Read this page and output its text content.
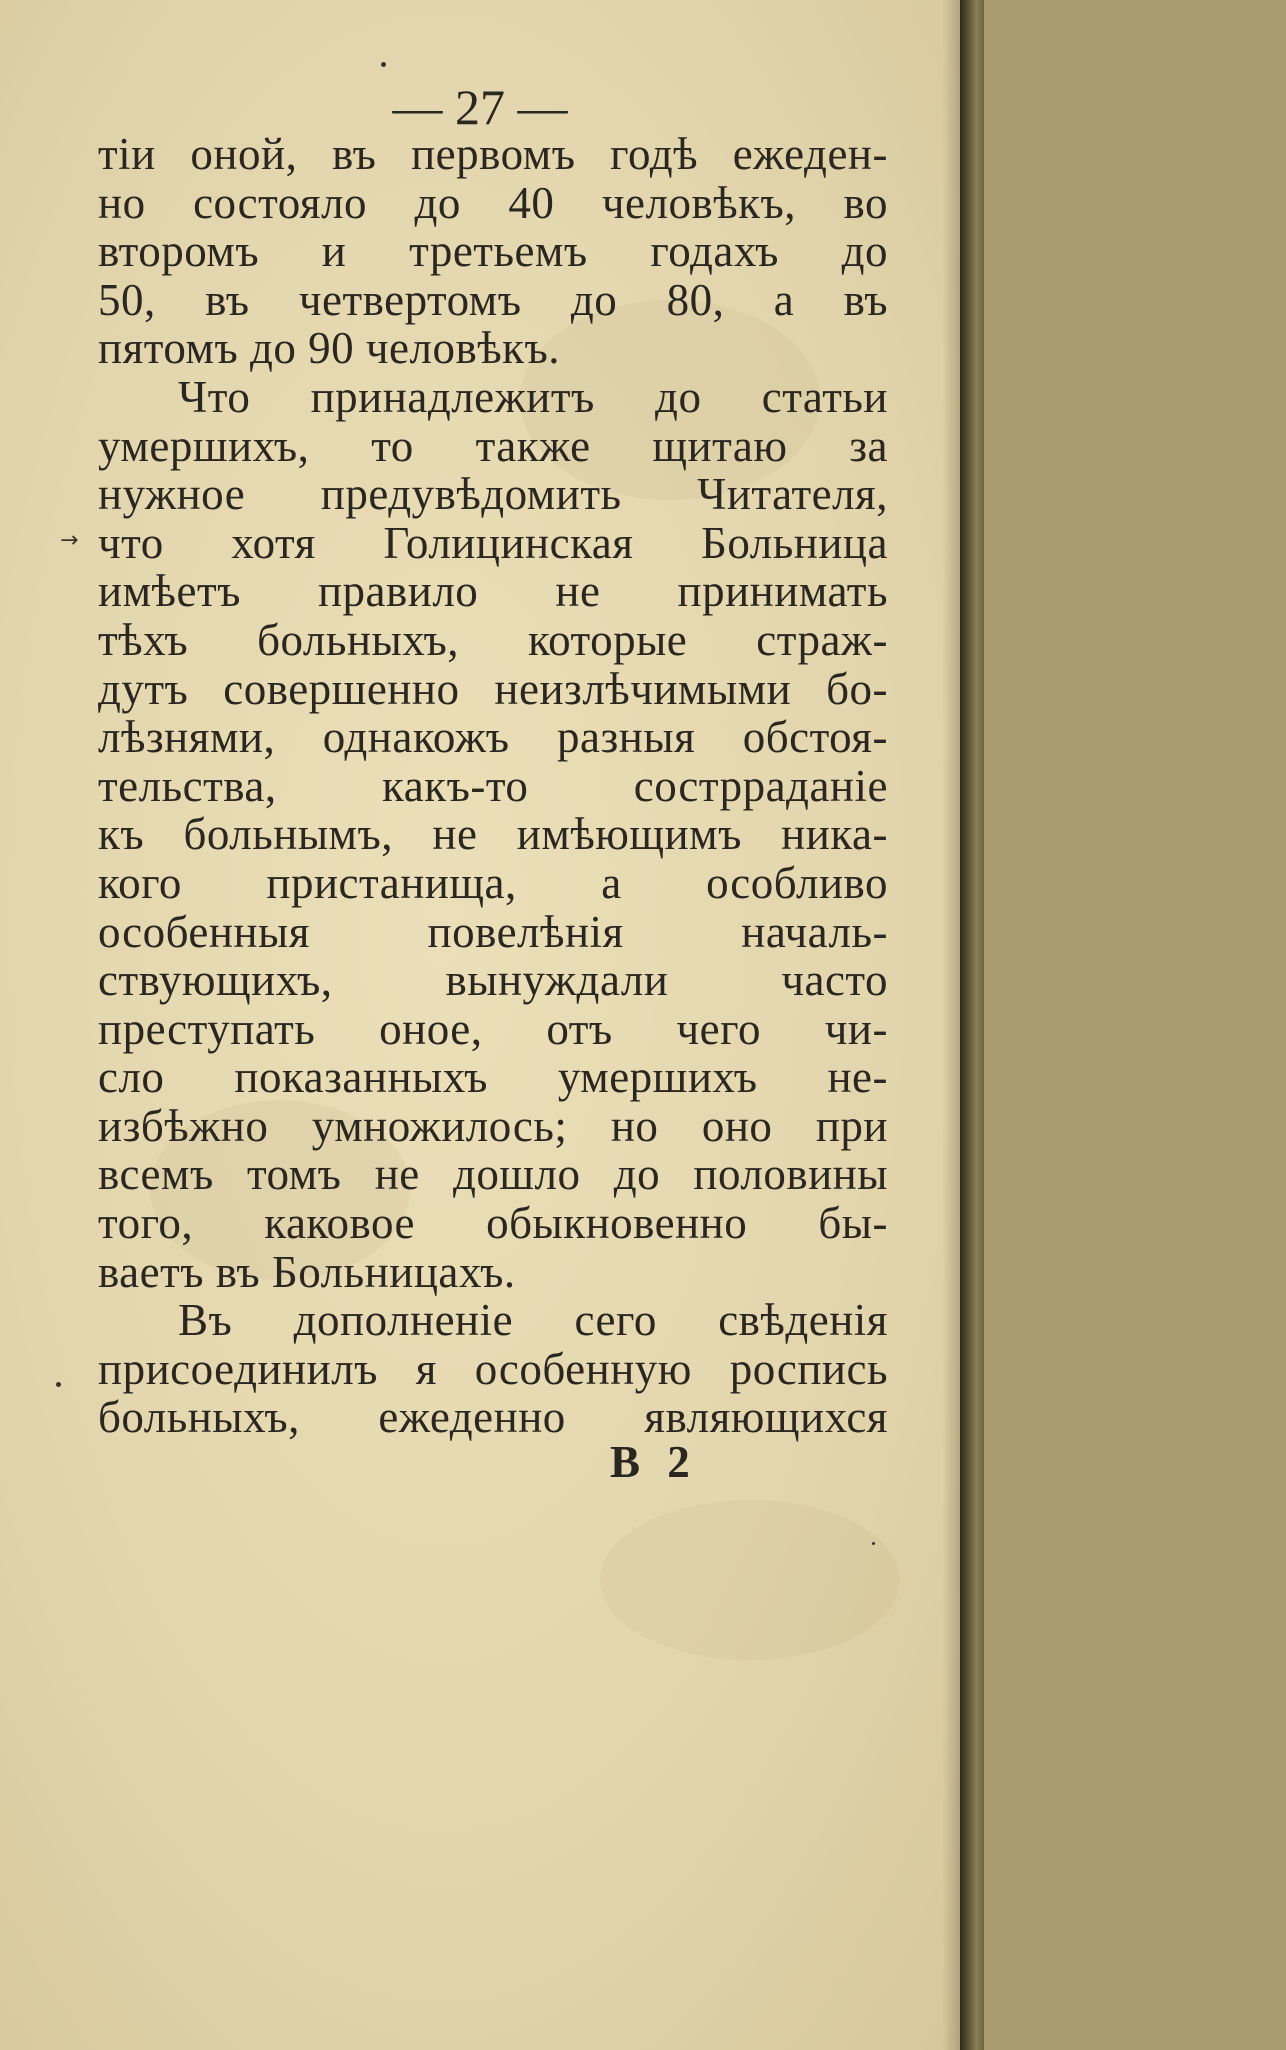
— 27 —
→
тіи оной, въ первомъ годѣ ежеден-
но состояло до 40 человѣкъ, во
второмъ и третьемъ годахъ до
50, въ четвертомъ до 80, а въ
пятомъ до 90 человѣкъ.
Что принадлежитъ до статьи
умершихъ, то также щитаю за
нужное предувѣдомить Читателя,
что хотя Голицинская Больница
имѣетъ правило не принимать
тѣхъ больныхъ, которые страж-
дутъ совершенно неизлѣчимыми бо-
лѣзнями, однакожъ разныя обстоя-
тельства, какъ-то сострраданіе
къ больнымъ, не имѣющимъ ника-
кого пристанища, а особливо
особенныя повелѣнія началь-
ствующихъ, вынуждали часто
преступать оное, отъ чего чи-
сло показанныхъ умершихъ не-
избѣжно умножилось; но оно при
всемъ томъ не дошло до половины
того, каковое обыкновенно бы-
ваетъ въ Больницахъ.
Въ дополненіе сего свѣденія
присоединилъ я особенную роспись
больныхъ, ежеденно являющихся
В 2
